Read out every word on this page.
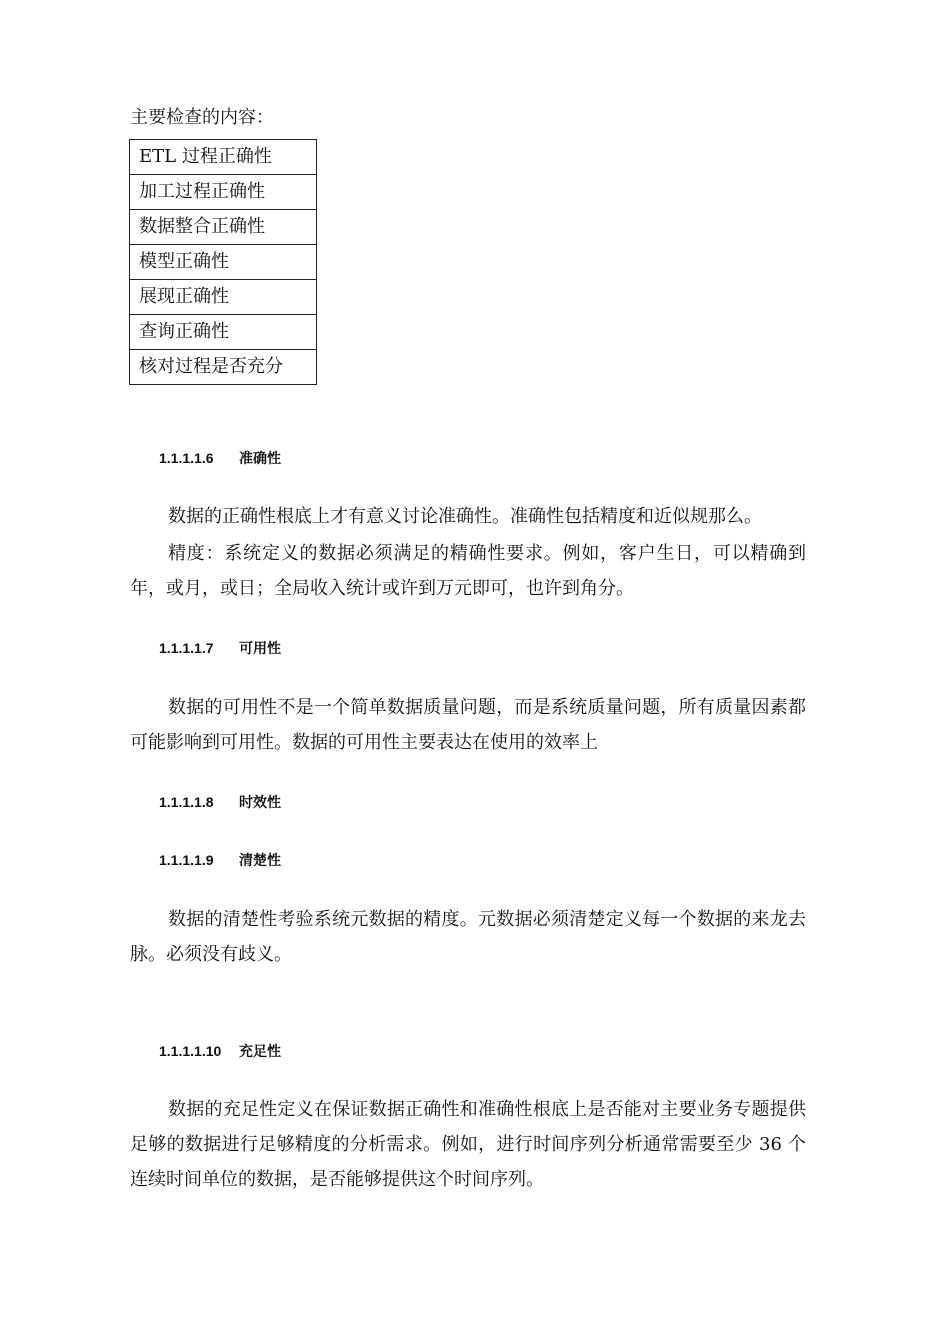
主要检查的内容：
ETL 过程正确性
加工过程正确性
数据整合正确性
模型正确性
展现正确性
查询正确性
核对过程是否充分
1.1.1.1.6 准确性
数据的正确性根底上才有意义讨论准确性。准确性包括精度和近似规那么。
精度：系统定义的数据必须满足的精确性要求。例如，客户生日，可以精确到年，或月，或日；全局收入统计或许到万元即可，也许到角分。
1.1.1.1.7 可用性
数据的可用性不是一个简单数据质量问题，而是系统质量问题，所有质量因素都可能影响到可用性。数据的可用性主要表达在使用的效率上
1.1.1.1.8 时效性
1.1.1.1.9 清楚性
数据的清楚性考验系统元数据的精度。元数据必须清楚定义每一个数据的来龙去脉。必须没有歧义。
1.1.1.1.10 充足性
数据的充足性定义在保证数据正确性和准确性根底上是否能对主要业务专题提供足够的数据进行足够精度的分析需求。例如，进行时间序列分析通常需要至少 36 个连续时间单位的数据，是否能够提供这个时间序列。
